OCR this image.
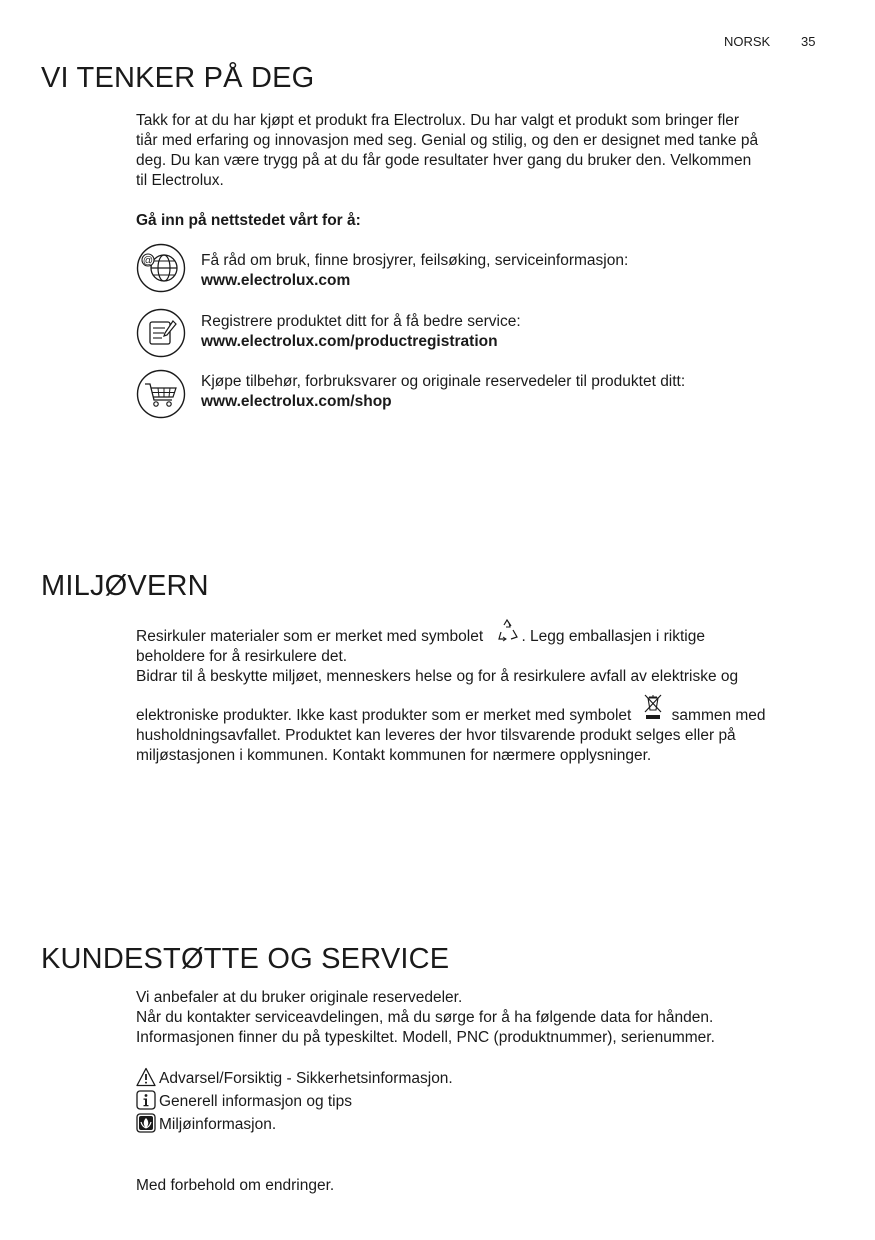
NORSK 35
VI TENKER PÅ DEG
Takk for at du har kjøpt et produkt fra Electrolux. Du har valgt et produkt som bringer fler
tiår med erfaring og innovasjon med seg. Genial og stilig, og den er designet med tanke på
deg. Du kan være trygg på at du får gode resultater hver gang du bruker den. Velkommen
til Electrolux.
Gå inn på nettstedet vårt for å:
@	Få råd om bruk, finne brosjyrer, feilsøking, serviceinformasjon:
www.electrolux.com
Registrere produktet ditt for å få bedre service:
www.electrolux.com/productregistration
Kjøpe tilbehør, forbruksvarer og originale reservedeler til produktet ditt:
www.electrolux.com/shop
MILJØVERN
Resirkuler materialer som er merket med symbolet . Legg emballasjen i riktige
beholdere for å resirkulere det.
Bidrar til å beskytte miljøet, menneskers helse og for å resirkulere avfall av elektriske og
elektroniske produkter. Ikke kast produkter som er merket med symbolet	sammen med
husholdningsavfallet. Produktet kan leveres der hvor tilsvarende produkt selges eller på
miljøstasjonen i kommunen. Kontakt kommunen for nærmere opplysninger.
KUNDESTØTTE OG SERVICE
Vi anbefaler at du bruker originale reservedeler.
Når du kontakter serviceavdelingen, må du sørge for å ha følgende data for hånden.
Informasjonen finner du på typeskiltet. Modell, PNC (produktnummer), serienummer.
Advarsel/Forsiktig - Sikkerhetsinformasjon.
Generell informasjon og tips
Miljøinformasjon.
Med forbehold om endringer.
